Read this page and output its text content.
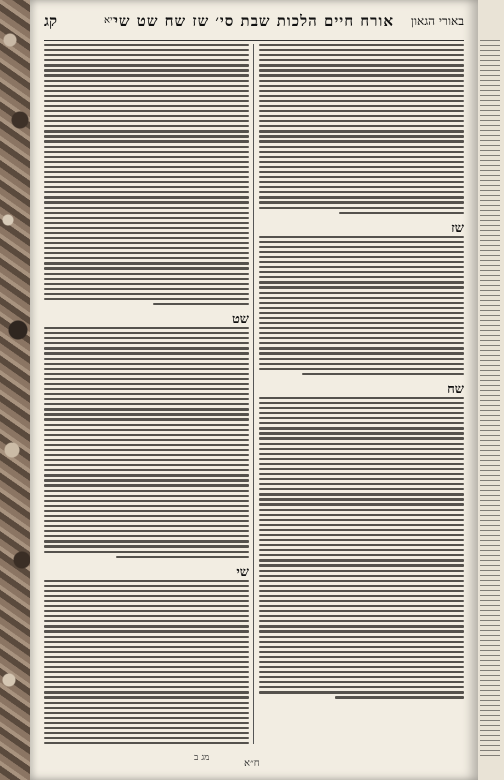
באורי הגאון
אורח חיים הלכות שבת סי׳ שז שח שט שי
ריא
קג
שז
שח
שט
שי
מג ב	ח״א
